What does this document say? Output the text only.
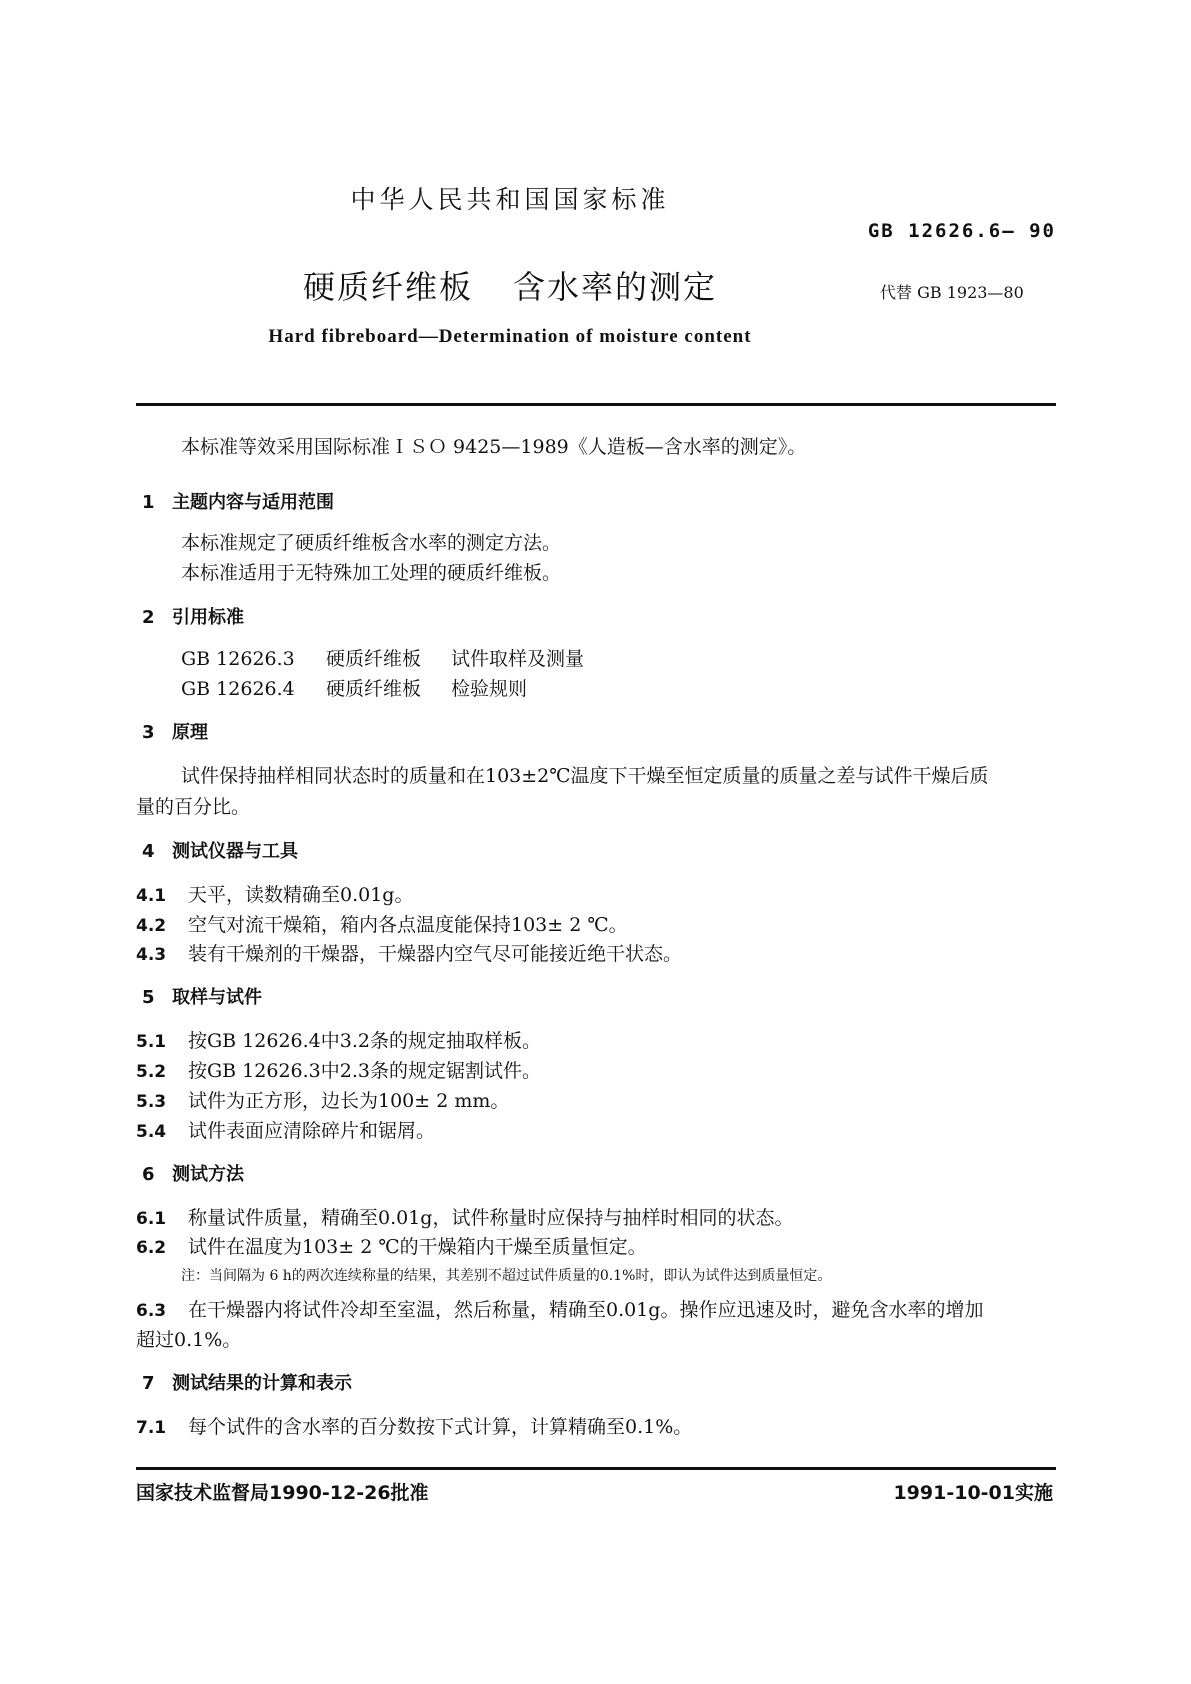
中华人民共和国国家标准
GB 12626.6— 90
硬质纤维板 含水率的测定	代替 GB 1923—80
Hard fibreboard—Determination of moisture content
本标准等效采用国际标准ＩＳＯ 9425—1989《人造板—含水率的测定》。
1 主题内容与适用范围
本标准规定了硬质纤维板含水率的测定方法。
本标准适用于无特殊加工处理的硬质纤维板。
2 引用标准
GB 12626.3 硬质纤维板 试件取样及测量
GB 12626.4 硬质纤维板 检验规则
3 原理
试件保持抽样相同状态时的质量和在103±2℃温度下干燥至恒定质量的质量之差与试件干燥后质
量的百分比。
4 测试仪器与工具
4.1 天平，读数精确至0.01g。
4.2 空气对流干燥箱，箱内各点温度能保持103± 2 ℃。
4.3 装有干燥剂的干燥器，干燥器内空气尽可能接近绝干状态。
5 取样与试件
5.1 按GB 12626.4中3.2条的规定抽取样板。
5.2 按GB 12626.3中2.3条的规定锯割试件。
5.3 试件为正方形，边长为100± 2 mm。
5.4 试件表面应清除碎片和锯屑。
6 测试方法
6.1 称量试件质量，精确至0.01g，试件称量时应保持与抽样时相同的状态。
6.2 试件在温度为103± 2 ℃的干燥箱内干燥至质量恒定。
注：当间隔为 6 h的两次连续称量的结果，其差别不超过试件质量的0.1%时，即认为试件达到质量恒定。
6.3 在干燥器内将试件冷却至室温，然后称量，精确至0.01g。操作应迅速及时，避免含水率的增加
超过0.1%。
7 测试结果的计算和表示
7.1 每个试件的含水率的百分数按下式计算，计算精确至0.1%。
国家技术监督局1990-12-26批准	1991-10-01实施
